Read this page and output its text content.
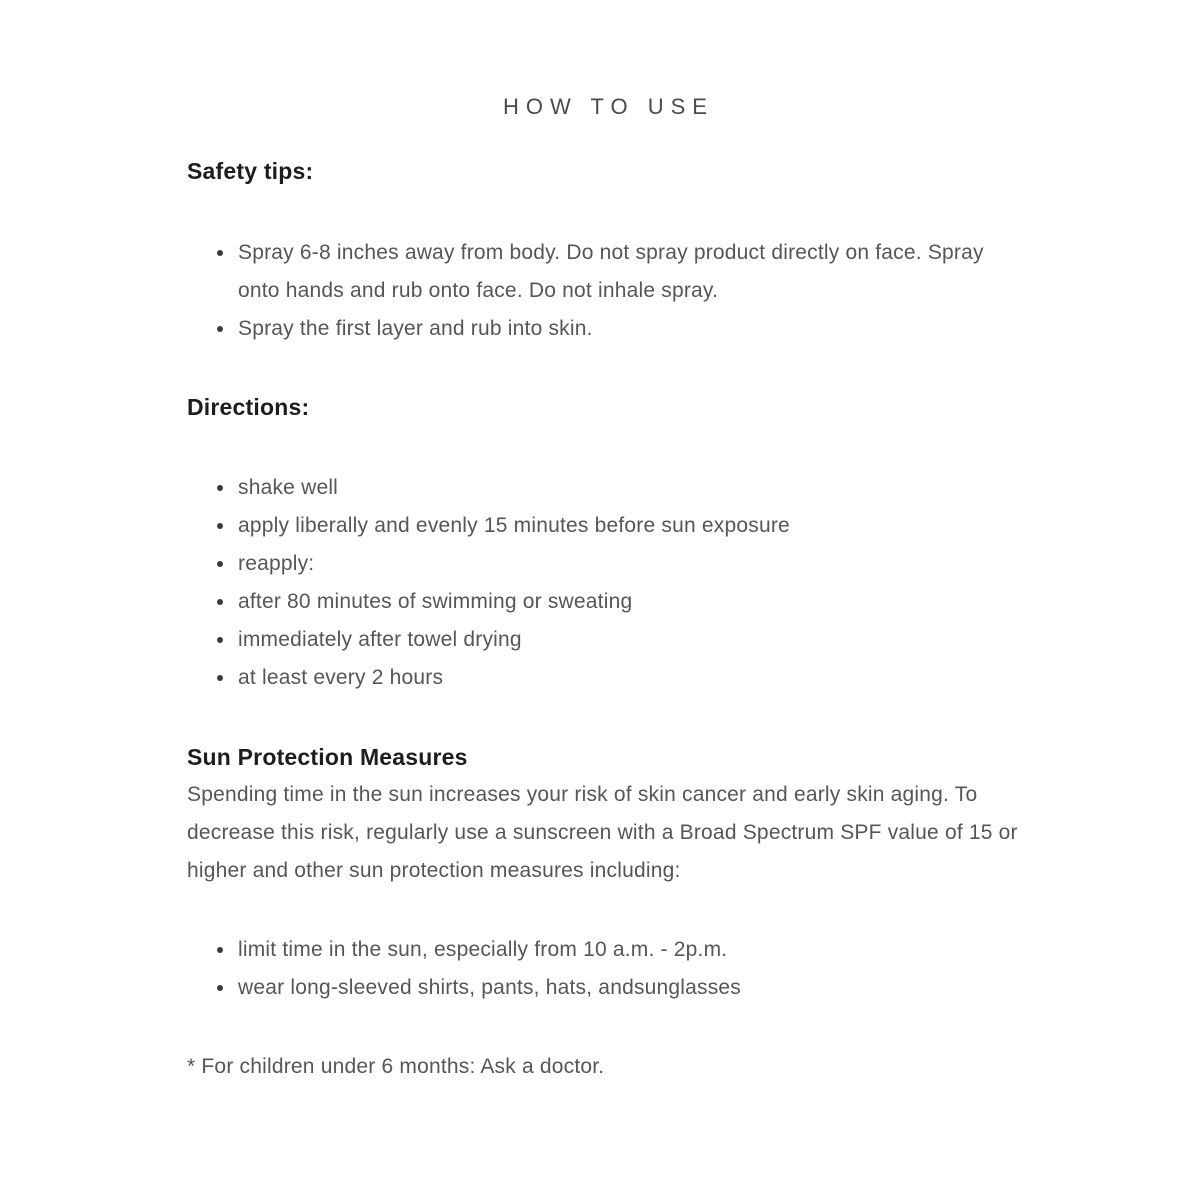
HOW TO USE
Safety tips:
Spray 6-8 inches away from body. Do not spray product directly on face. Spray onto hands and rub onto face. Do not inhale spray.
Spray the first layer and rub into skin.
Directions:
shake well
apply liberally and evenly 15 minutes before sun exposure
reapply:
after 80 minutes of swimming or sweating
immediately after towel drying
at least every 2 hours
Sun Protection Measures

Spending time in the sun increases your risk of skin cancer and early skin aging. To decrease this risk, regularly use a sunscreen with a Broad Spectrum SPF value of 15 or higher and other sun protection measures including:

limit time in the sun, especially from 10 a.m. - 2p.m.
wear long-sleeved shirts, pants, hats, andsunglasses

* For children under 6 months: Ask a doctor.
